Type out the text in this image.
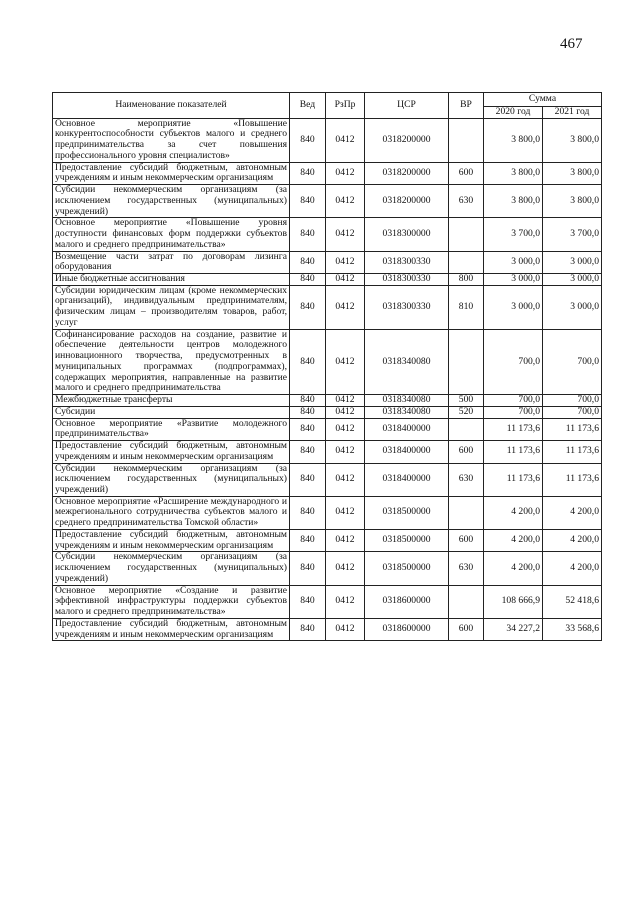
467
Наименование показателей	Вед	РзПр	ЦСР	ВР	Сумма	
					2020 год	2021 год
Основное мероприятие «Повышение конкурентоспособности субъектов малого и среднего предпринимательства за счет повышения профессионального уровня специалистов»	840	0412	0318200000		3 800,0	3 800,0
Предоставление субсидий бюджетным, автономным учреждениям и иным некоммерческим организациям	840	0412	0318200000	600	3 800,0	3 800,0
Субсидии некоммерческим организациям (за исключением государственных (муниципальных) учреждений)	840	0412	0318200000	630	3 800,0	3 800,0
Основное мероприятие «Повышение уровня доступности финансовых форм поддержки субъектов малого и среднего предпринимательства»	840	0412	0318300000		3 700,0	3 700,0
Возмещение части затрат по договорам лизинга оборудования	840	0412	0318300330		3 000,0	3 000,0
Иные бюджетные ассигнования	840	0412	0318300330	800	3 000,0	3 000,0
Субсидии юридическим лицам (кроме некоммерческих организаций), индивидуальным предпринимателям, физическим лицам – производителям товаров, работ, услуг	840	0412	0318300330	810	3 000,0	3 000,0
Софинансирование расходов на создание, развитие и обеспечение деятельности центров молодежного инновационного творчества, предусмотренных в муниципальных программах (подпрограммах), содержащих мероприятия, направленные на развитие малого и среднего предпринимательства	840	0412	0318340080		700,0	700,0
Межбюджетные трансферты	840	0412	0318340080	500	700,0	700,0
Субсидии	840	0412	0318340080	520	700,0	700,0
Основное мероприятие «Развитие молодежного предпринимательства»	840	0412	0318400000		11 173,6	11 173,6
Предоставление субсидий бюджетным, автономным учреждениям и иным некоммерческим организациям	840	0412	0318400000	600	11 173,6	11 173,6
Субсидии некоммерческим организациям (за исключением государственных (муниципальных) учреждений)	840	0412	0318400000	630	11 173,6	11 173,6
Основное мероприятие «Расширение международного и межрегионального сотрудничества субъектов малого и среднего предпринимательства Томской области»	840	0412	0318500000		4 200,0	4 200,0
Предоставление субсидий бюджетным, автономным учреждениям и иным некоммерческим организациям	840	0412	0318500000	600	4 200,0	4 200,0
Субсидии некоммерческим организациям (за исключением государственных (муниципальных) учреждений)	840	0412	0318500000	630	4 200,0	4 200,0
Основное мероприятие «Создание и развитие эффективной инфраструктуры поддержки субъектов малого и среднего предпринимательства»	840	0412	0318600000		108 666,9	52 418,6
Предоставление субсидий бюджетным, автономным учреждениям и иным некоммерческим организациям	840	0412	0318600000	600	34 227,2	33 568,6
